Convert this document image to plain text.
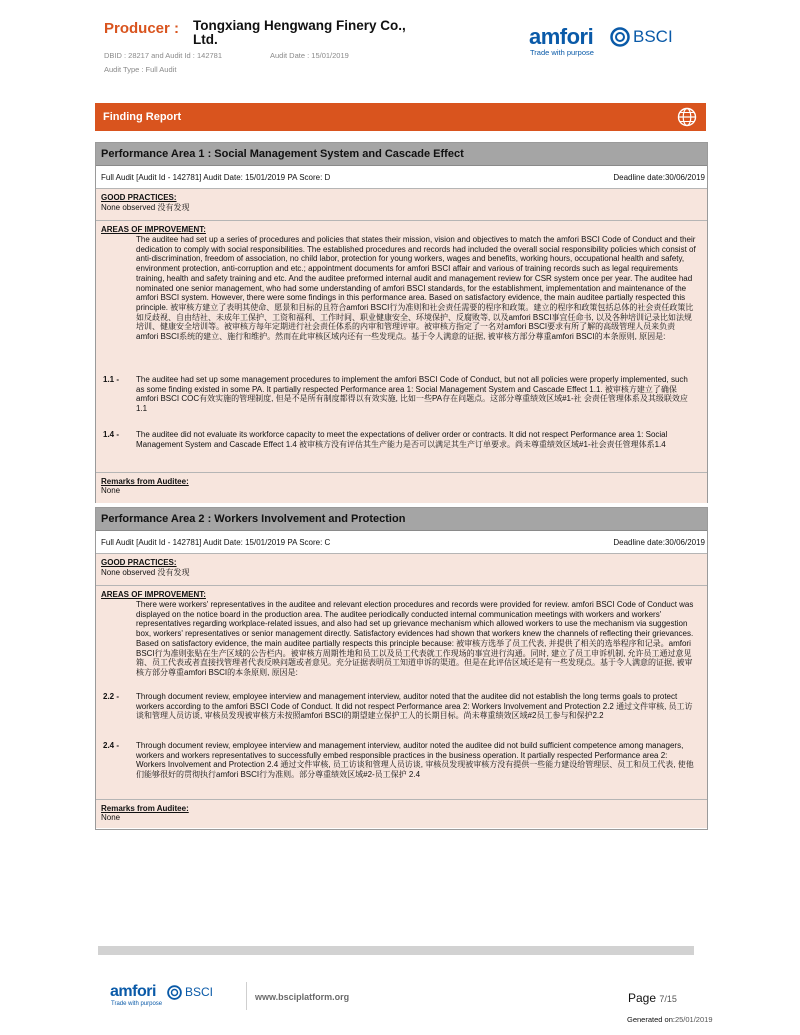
Producer : Tongxiang Hengwang Finery Co., Ltd.
DBID : 28217 and Audit Id : 142781	Audit Date : 15/01/2019
Audit Type : Full Audit
amfori BSCI
Trade with purpose
Finding Report
Performance Area 1 : Social Management System and Cascade Effect
Full Audit [Audit Id - 142781] Audit Date: 15/01/2019 PA Score: D	Deadline date:30/06/2019
GOOD PRACTICES:
None observed 没有发现
AREAS OF IMPROVEMENT:
The auditee had set up a series of procedures and policies that states their mission, vision and objectives to match the amfori BSCI Code of Conduct and their dedication to comply with social responsibilities. The established procedures and records had included the overall social responsibility policies which consist of anti-discrimination, freedom of association, no child labor, protection for young workers, wages and benefits, working hours, occupational health and safety, environment protection, anti-corruption and etc.; appointment documents for amfori BSCI affair and various of training records such as legal requirements training, health and safety training and etc. And the auditee preformed internal audit and management review for CSR system once per year. The auditee had nominated one senior management, who had some understanding of amfori BSCI standards, for the establishment, implementation and maintenance of the amfori BSCI system. However, there were some findings in this performance area. Based on satisfactory evidence, the main auditee partially respected this principle. 被审核方建立了表明其使命、愿景和目标的且符合amfori BSCI行为准则和社会责任需要的程序和政策。建立的程序和政策包括总体的社会责任政策比如反歧视、自由结社、未成年工保护、工资和福利、工作时间、职业健康安全、环境保护、反腐败等, 以及amfori BSCI事宜任命书, 以及各种培训记录比如法规培训、健康安全培训等。被审核方每年定期进行社会责任体系的内审和管理评审。被审核方指定了一名对amfori BSCI要求有所了解的高级管理人员来负责amfori BSCI系统的建立、施行和维护。然而在此审核区域内还有一些发现点。基于令人满意的证据, 被审核方部分尊重amfori BSCI的本条原则, 原因是:
1.1 - The auditee had set up some management procedures to implement the amfori BSCI Code of Conduct, but not all policies were properly implemented, such as some finding existed in some PA. It partially respected Performance area 1: Social Management System and Cascade Effect 1.1. 被审核方建立了确保amfori BSCI COC有效实施的管理制度, 但是不是所有制度都得以有效实施, 比如一些PA存在问题点。这部分尊重绩效区域#1-社 会责任管理体系及其级联效应1.1
1.4 - The auditee did not evaluate its workforce capacity to meet the expectations of deliver order or contracts. It did not respect Performance area 1: Social Management System and Cascade Effect 1.4 被审核方没有评估其生产能力是否可以满足其生产订单要求。尚未尊重绩效区域#1-社会责任管理体系1.4
Remarks from Auditee:
None
Performance Area 2 : Workers Involvement and Protection
Full Audit [Audit Id - 142781] Audit Date: 15/01/2019 PA Score: C	Deadline date:30/06/2019
GOOD PRACTICES:
None observed 没有发现
AREAS OF IMPROVEMENT:
There were workers' representatives in the auditee and relevant election procedures and records were provided for review. amfori BSCI Code of Conduct was displayed on the notice board in the production area. The auditee periodically conducted internal communication meetings with workers and workers' representatives regarding workplace-related issues, and also had set up grievance mechanism which allowed workers to use the mechanism via suggestion box, workers' representatives or senior management directly. Satisfactory evidences had shown that workers knew the channels of reflecting their grievances. Based on satisfactory evidence, the main auditee partially respects this principle because: 被审核方选举了员工代表, 并提供了相关的选举程序和记录。amfori BSCI行为准则张贴在生产区域的公告栏内。被审核方周期性地和员工以及员工代表就工作现场的事宜进行沟通。同时, 建立了员工申诉机制, 允许员工通过意见箱、员工代表或者直接找管理者代表反映问题或者意见。充分证据表明员工知道申诉的渠道。但是在此评估区域还是有一些发现点。基于令人满意的证据, 被审核方部分尊重amfori BSCI的本条原则, 原因是:
2.2 - Through document review, employee interview and management interview, auditor noted that the auditee did not establish the long terms goals to protect workers according to the amfori BSCI Code of Conduct. It did not respect Performance area 2: Workers Involvement and Protection 2.2 通过文件审核, 员工访谈和管理人员访谈, 审核员发现被审核方未按照amfori BSCI的期望建立保护工人的长期目标。尚未尊重绩效区域#2员工参与和保护2.2
2.4 - Through document review, employee interview and management interview, auditor noted the auditee did not build sufficient competence among managers, workers and workers representatives to successfully embed responsible practices in the business operation. It partially respected Performance area 2: Workers Involvement and Protection 2.4 通过文件审核, 员工访谈和管理人员访谈, 审核员发现被审核方没有提供一些能力建设给管理层、员工和员工代表, 使他们能够很好的贯彻执行amfori BSCI行为准则。部分尊重绩效区域#2-员工保护 2.4
Remarks from Auditee:
None
amfori BSCI
Trade with purpose
www.bsciplatform.org	Page 7/15
Generated on:25/01/2019
